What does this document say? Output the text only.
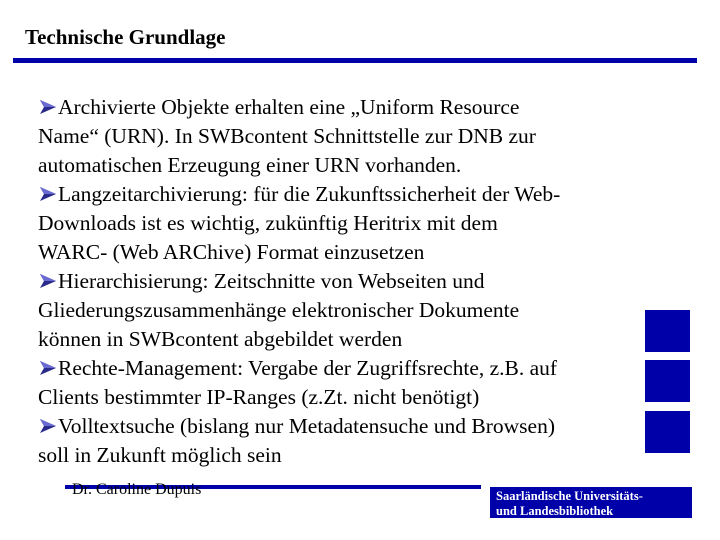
Technische Grundlage
Archivierte Objekte erhalten eine „Uniform Resource
Name“ (URN). In SWBcontent Schnittstelle zur DNB zur
automatischen Erzeugung einer URN vorhanden.
Langzeitarchivierung: für die Zukunftssicherheit der Web-
Downloads ist es wichtig, zukünftig Heritrix mit dem
WARC- (Web ARChive) Format einzusetzen
Hierarchisierung: Zeitschnitte von Webseiten und
Gliederungszusammenhänge elektronischer Dokumente
können in SWBcontent abgebildet werden
Rechte-Management: Vergabe der Zugriffsrechte, z.B. auf
Clients bestimmter IP-Ranges (z.Zt. nicht benötigt)
Volltextsuche (bislang nur Metadatensuche und Browsen)
soll in Zukunft möglich sein
Dr. Caroline Dupuis	Saarländische Universitäts-
und Landesbibliothek
